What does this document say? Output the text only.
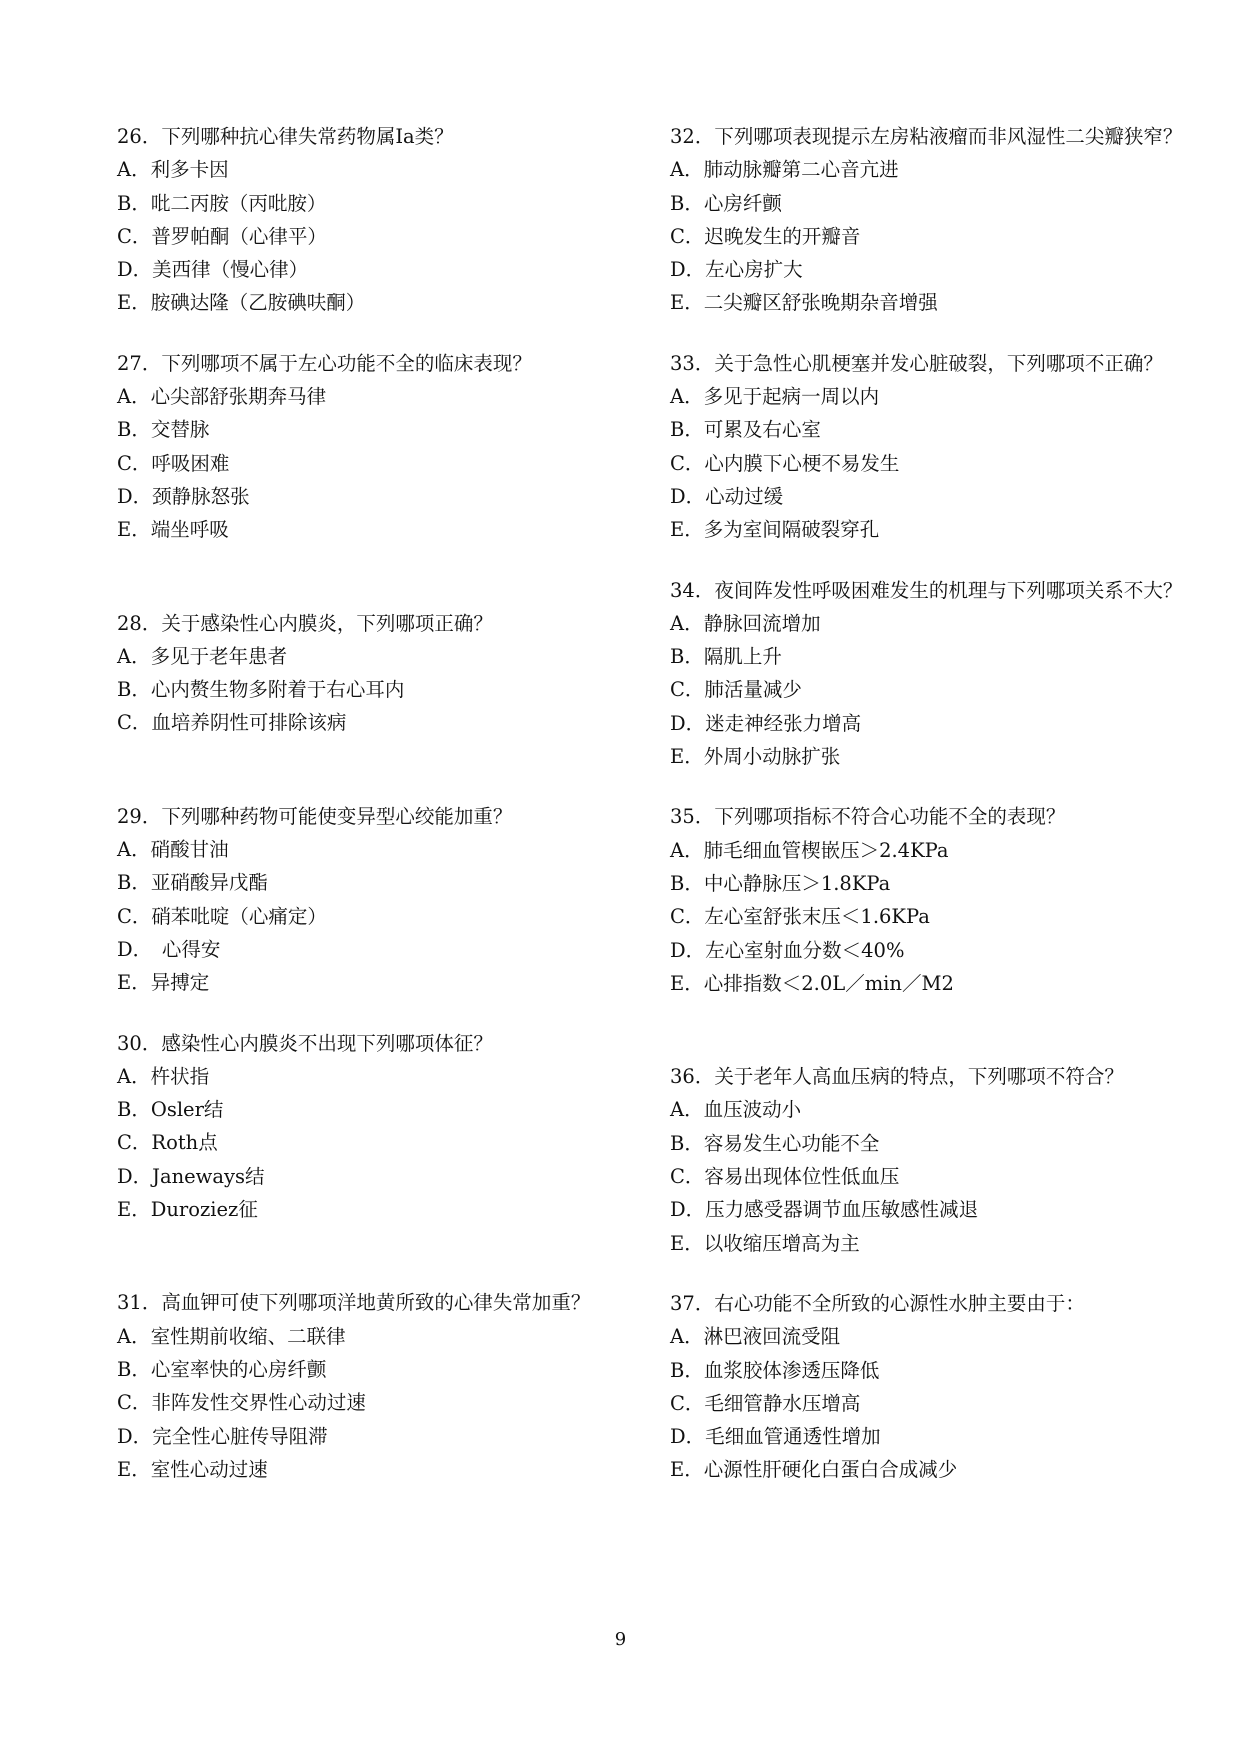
26．下列哪种抗心律失常药物属Ⅰa类？

A．利多卡因

B．吡二丙胺（丙吡胺）

C．普罗帕酮（心律平）

D．美西律（慢心律）

E．胺碘达隆（乙胺碘呋酮）

27．下列哪项不属于左心功能不全的临床表现？

A．心尖部舒张期奔马律

B．交替脉

C．呼吸困难

D．颈静脉怒张

E．端坐呼吸

28．关于感染性心内膜炎，下列哪项正确？

A．多见于老年患者

B．心内赘生物多附着于右心耳内

C．血培养阴性可排除该病

29．下列哪种药物可能使变异型心绞能加重？

A．硝酸甘油

B．亚硝酸异戊酯

C．硝苯吡啶（心痛定）

D．　心得安

E．异搏定

30．感染性心内膜炎不出现下列哪项体征？

A．杵状指

B．Osler结

C．Roth点

D．Janeways结

E．Duroziez征

31．高血钾可使下列哪项洋地黄所致的心律失常加重？

A．室性期前收缩、二联律

B．心室率快的心房纤颤

C．非阵发性交界性心动过速

D．完全性心脏传导阻滞

E．室性心动过速

32．下列哪项表现提示左房粘液瘤而非风湿性二尖瓣狭窄？

A．肺动脉瓣第二心音亢进

B．心房纤颤

C．迟晚发生的开瓣音

D．左心房扩大

E．二尖瓣区舒张晚期杂音增强

33．关于急性心肌梗塞并发心脏破裂，下列哪项不正确？

A．多见于起病一周以内

B．可累及右心室

C．心内膜下心梗不易发生

D．心动过缓

E．多为室间隔破裂穿孔

34．夜间阵发性呼吸困难发生的机理与下列哪项关系不大？

A．静脉回流增加

B．隔肌上升

C．肺活量减少

D．迷走神经张力增高

E．外周小动脉扩张

35．下列哪项指标不符合心功能不全的表现？

A．肺毛细血管楔嵌压＞2.4KPa

B．中心静脉压＞1.8KPa

C．左心室舒张末压＜1.6KPa

D．左心室射血分数＜40%

E．心排指数＜2.0L／min／M2

36．关于老年人高血压病的特点，下列哪项不符合？

A．血压波动小

B．容易发生心功能不全

C．容易出现体位性低血压

D．压力感受器调节血压敏感性减退

E．以收缩压增高为主

37．右心功能不全所致的心源性水肿主要由于：

A．淋巴液回流受阻

B．血浆胶体渗透压降低

C．毛细管静水压增高

D．毛细血管通透性增加

E．心源性肝硬化白蛋白合成减少

9
